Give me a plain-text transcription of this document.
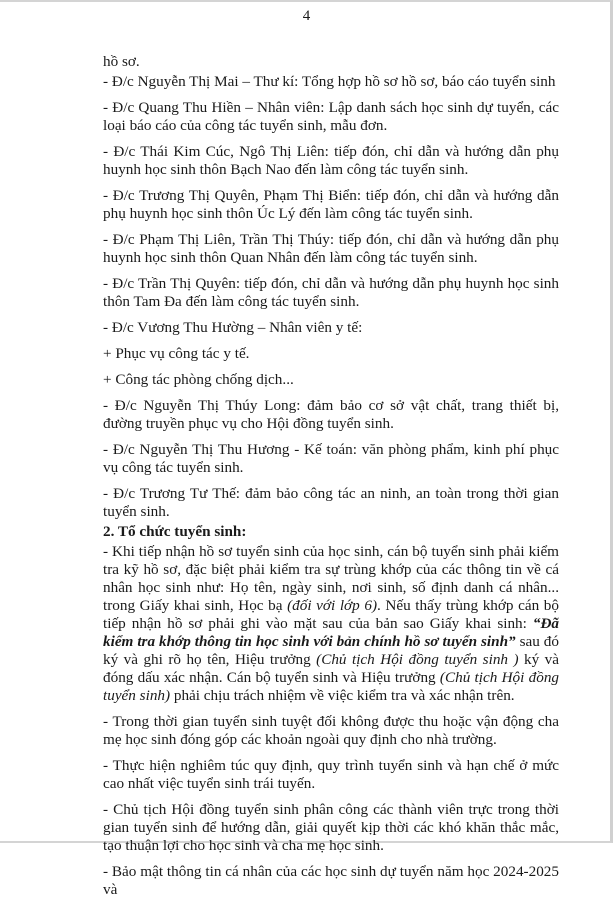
4

hồ sơ.

- Đ/c Nguyễn Thị Mai – Thư kí: Tổng hợp hồ sơ hồ sơ, báo cáo tuyển sinh

- Đ/c Quang Thu Hiền – Nhân viên: Lập danh sách học sinh dự tuyển, các loại báo cáo của công tác tuyển sinh, mẫu đơn.

- Đ/c Thái Kim Cúc, Ngô Thị Liên: tiếp đón, chỉ dẫn và hướng dẫn phụ huynh học sinh thôn Bạch Nao đến làm công tác tuyển sinh.

- Đ/c Trương Thị Quyên, Phạm Thị Biển: tiếp đón, chỉ dẫn và hướng dẫn phụ huynh học sinh thôn Úc Lý đến làm công tác tuyển sinh.

- Đ/c Phạm Thị Liên, Trần Thị Thúy: tiếp đón, chỉ dẫn và hướng dẫn phụ huynh học sinh thôn Quan Nhân đến làm công tác tuyển sinh.

- Đ/c Trần Thị Quyên: tiếp đón, chỉ dẫn và hướng dẫn phụ huynh học sinh thôn Tam Đa đến làm công tác tuyển sinh.

- Đ/c Vương Thu Hường – Nhân viên y tế:

+ Phục vụ công tác y tế.

+ Công tác phòng chống dịch...

- Đ/c Nguyễn Thị Thúy Long: đảm bảo cơ sở vật chất, trang thiết bị, đường truyền phục vụ cho Hội đồng tuyển sinh.

- Đ/c Nguyễn Thị Thu Hương - Kế toán: văn phòng phẩm, kinh phí phục vụ công tác tuyển sinh.

- Đ/c Trương Tư Thế: đảm bảo công tác an ninh, an toàn trong thời gian tuyển sinh.

2. Tổ chức tuyển sinh:

- Khi tiếp nhận hồ sơ tuyển sinh của học sinh, cán bộ tuyển sinh phải kiểm tra kỹ hồ sơ, đặc biệt phải kiểm tra sự trùng khớp của các thông tin về cá nhân học sinh như: Họ tên, ngày sinh, nơi sinh, số định danh cá nhân... trong Giấy khai sinh, Học bạ (đối với lớp 6). Nếu thấy trùng khớp cán bộ tiếp nhận hồ sơ phải ghi vào mặt sau của bản sao Giấy khai sinh: “Đã kiểm tra khớp thông tin học sinh với bản chính hồ sơ tuyển sinh” sau đó ký và ghi rõ họ tên, Hiệu trưởng (Chủ tịch Hội đồng tuyển sinh ) ký và đóng dấu xác nhận. Cán bộ tuyển sinh và Hiệu trưởng (Chủ tịch Hội đồng tuyển sinh) phải chịu trách nhiệm về việc kiểm tra và xác nhận trên.

- Trong thời gian tuyển sinh tuyệt đối không được thu hoặc vận động cha mẹ học sinh đóng góp các khoản ngoài quy định cho nhà trường.

- Thực hiện nghiêm túc quy định, quy trình tuyển sinh và hạn chế ở mức cao nhất việc tuyển sinh trái tuyến.

- Chủ tịch Hội đồng tuyển sinh phân công các thành viên trực trong thời gian tuyển sinh để hướng dẫn, giải quyết kịp thời các khó khăn thắc mắc, tạo thuận lợi cho học sinh và cha mẹ học sinh.

- Bảo mật thông tin cá nhân của các học sinh dự tuyển năm học 2024-2025 và
